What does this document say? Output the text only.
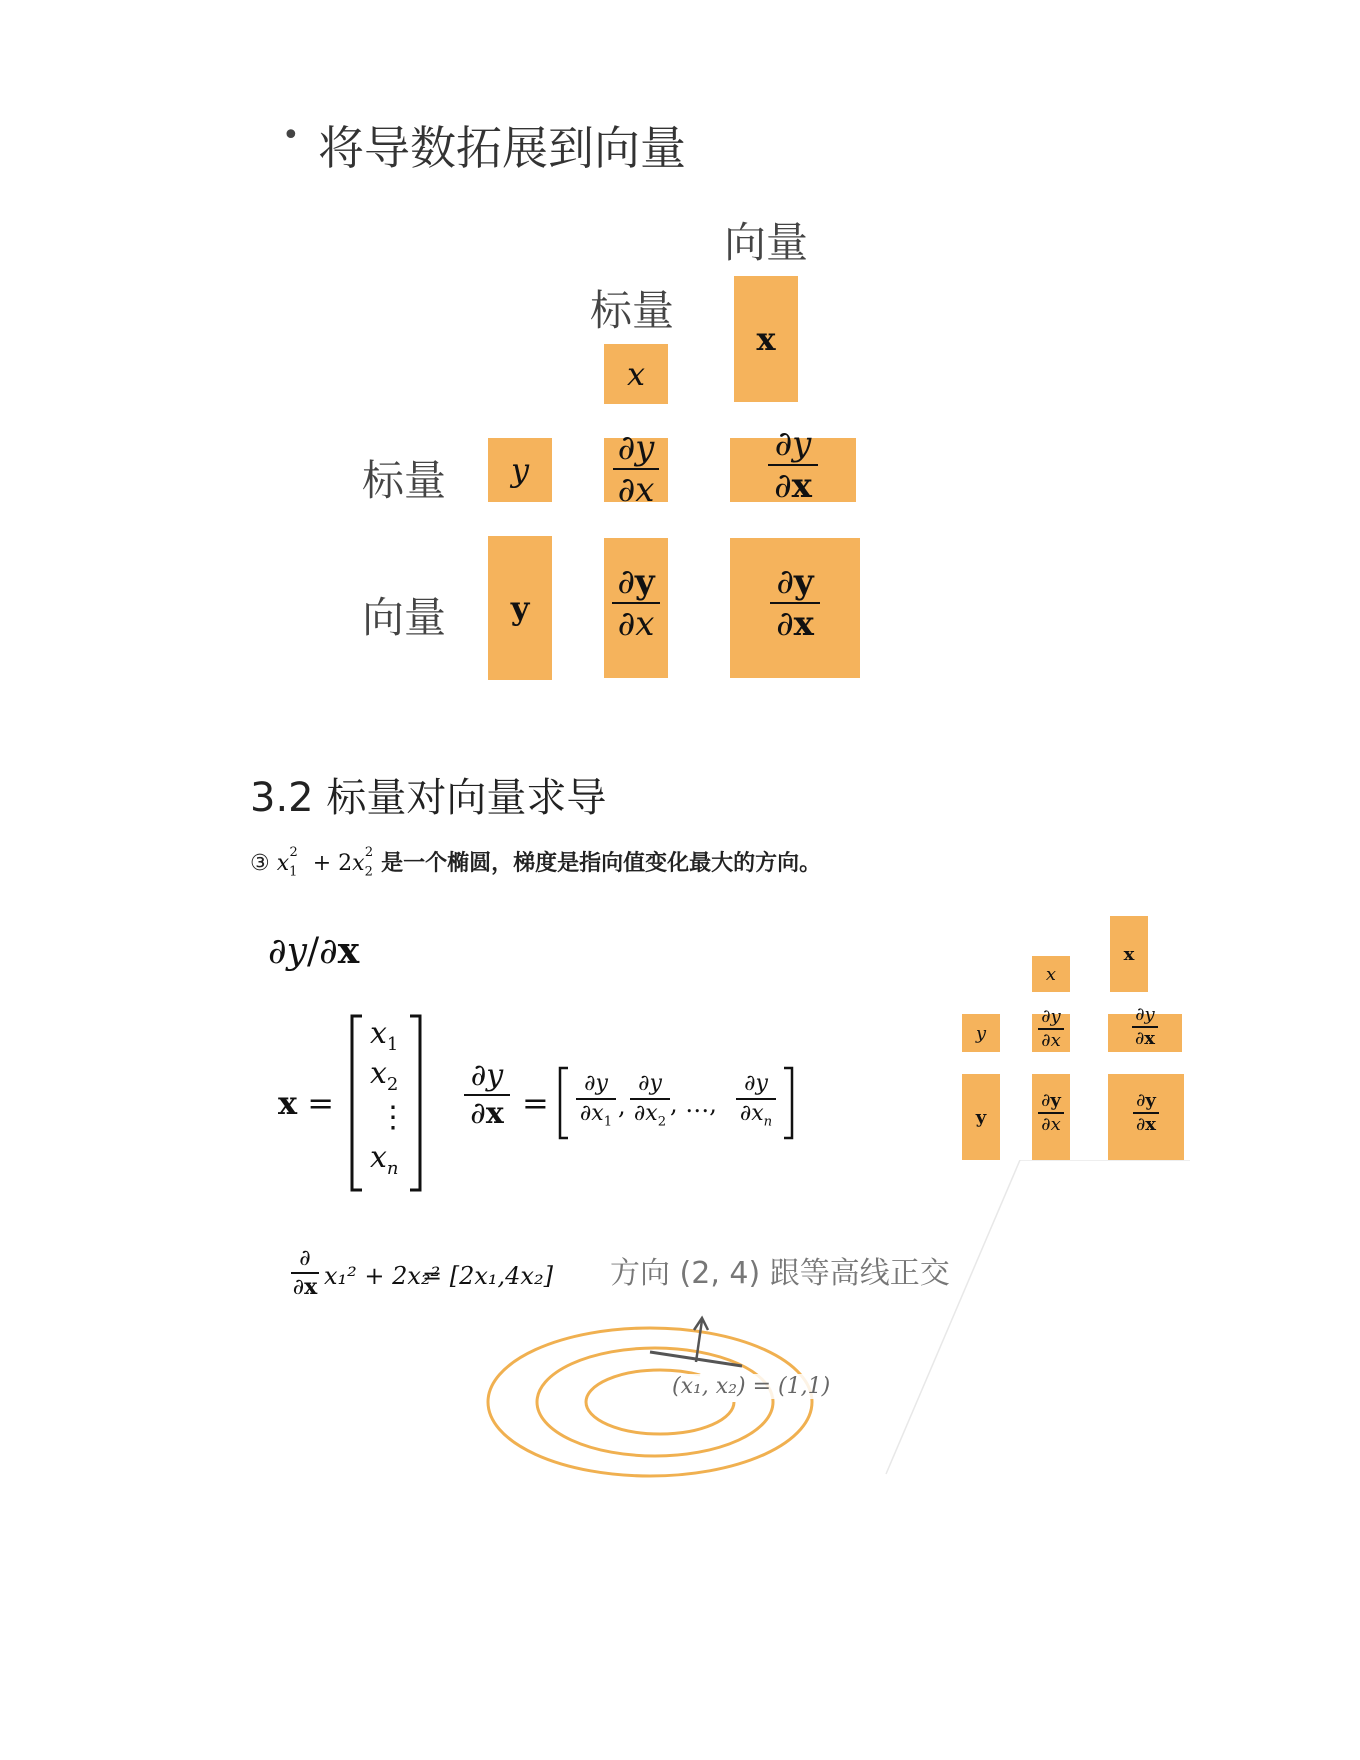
• 将导数拓展到向量
向量
标量
标量
向量
x
x
y
y
∂y
∂x
∂y
∂x
∂y
∂x
∂y
∂x
3.2 标量对向量求导
③ $x_1^2 + 2x_2^2$ 是一个椭圆，梯度是指向值变化最大的方向。
∂y/∂x
x =
$x_1$
$x_2$
⋮
$x_n$
∂y
∂x =
∂y
$\partial x_1$
,
∂y
$\partial x_2$
, …,
∂y
$\partial x_n$
x
x
y
∂y
∂x
∂y
∂x
y
∂y
∂x
∂y
∂x
∂
∂x x₁² + 2x₂²
= [2x₁,4x₂] 方向 (2, 4) 跟等高线正交
(x₁, x₂) = (1,1)
